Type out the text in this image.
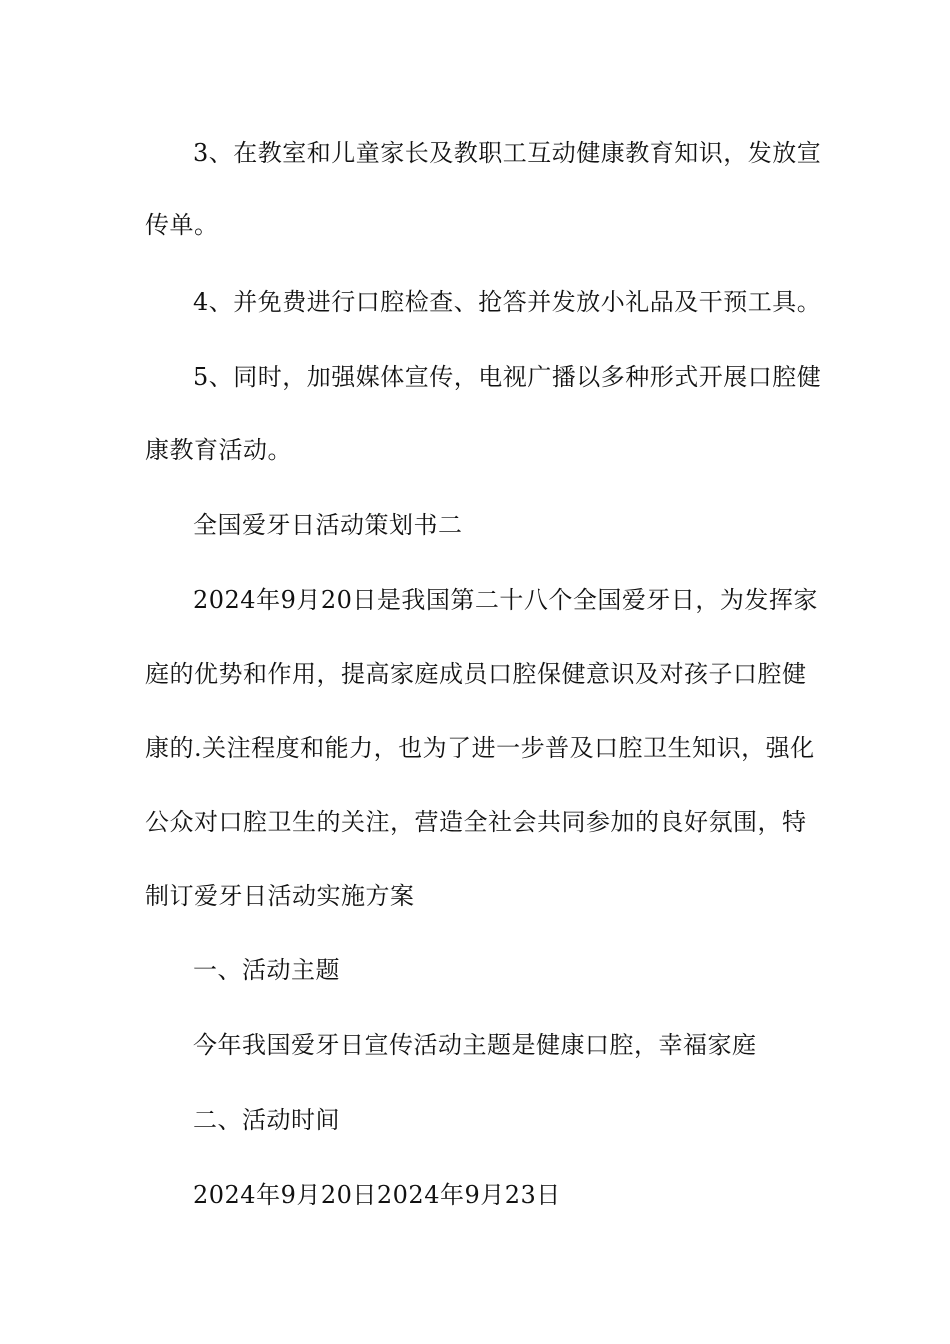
3、在教室和儿童家长及教职工互动健康教育知识，发放宣
传单。
4、并免费进行口腔检查、抢答并发放小礼品及干预工具。
5、同时，加强媒体宣传，电视广播以多种形式开展口腔健
康教育活动。
全国爱牙日活动策划书二
2024年9月20日是我国第二十八个全国爱牙日，为发挥家
庭的优势和作用，提高家庭成员口腔保健意识及对孩子口腔健
康的.关注程度和能力，也为了进一步普及口腔卫生知识，强化
公众对口腔卫生的关注，营造全社会共同参加的良好氛围，特
制订爱牙日活动实施方案
一、活动主题
今年我国爱牙日宣传活动主题是健康口腔，幸福家庭
二、活动时间
2024年9月20日2024年9月23日
